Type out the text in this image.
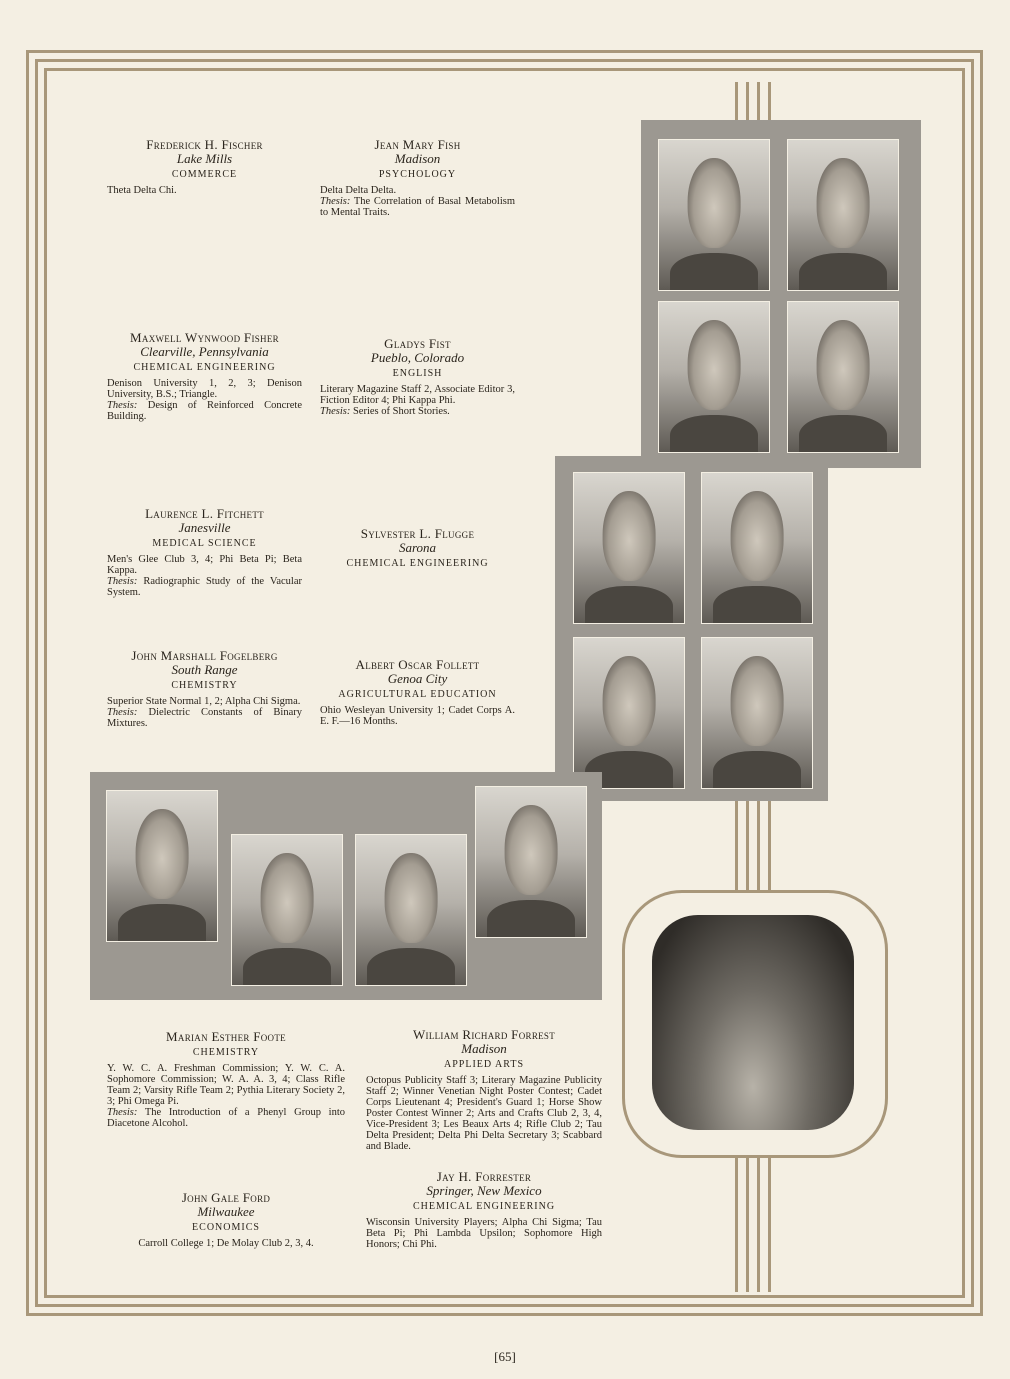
Frederick H. Fischer
Lake Mills
COMMERCE
Theta Delta Chi.
Jean Mary Fish
Madison
PSYCHOLOGY
Delta Delta Delta.
Thesis: The Correlation of Basal Metabolism to Mental Traits.
Maxwell Wynwood Fisher
Clearville, Pennsylvania
CHEMICAL ENGINEERING
Denison University 1, 2, 3; Denison University, B.S.; Triangle.
Thesis: Design of Reinforced Concrete Building.
Gladys Fist
Pueblo, Colorado
ENGLISH
Literary Magazine Staff 2, Associate Editor 3, Fiction Editor 4; Phi Kappa Phi.
Thesis: Series of Short Stories.
Laurence L. Fitchett
Janesville
MEDICAL SCIENCE
Men's Glee Club 3, 4; Phi Beta Pi; Beta Kappa.
Thesis: Radiographic Study of the Vacular System.
Sylvester L. Flugge
Sarona
CHEMICAL ENGINEERING
John Marshall Fogelberg
South Range
CHEMISTRY
Superior State Normal 1, 2; Alpha Chi Sigma.
Thesis: Dielectric Constants of Binary Mixtures.
Albert Oscar Follett
Genoa City
AGRICULTURAL EDUCATION
Ohio Wesleyan University 1; Cadet Corps A. E. F.—16 Months.
Marian Esther Foote
CHEMISTRY
Y. W. C. A. Freshman Commission; Y. W. C. A. Sophomore Commission; W. A. A. 3, 4; Class Rifle Team 2; Varsity Rifle Team 2; Pythia Literary Society 2, 3; Phi Omega Pi.
Thesis: The Introduction of a Phenyl Group into Diacetone Alcohol.
William Richard Forrest
Madison
APPLIED ARTS
Octopus Publicity Staff 3; Literary Magazine Publicity Staff 2; Winner Venetian Night Poster Contest; Cadet Corps Lieutenant 4; President's Guard 1; Horse Show Poster Contest Winner 2; Arts and Crafts Club 2, 3, 4, Vice-President 3; Les Beaux Arts 4; Rifle Club 2; Tau Delta President; Delta Phi Delta Secretary 3; Scabbard and Blade.
John Gale Ford
Milwaukee
ECONOMICS
Carroll College 1; De Molay Club 2, 3, 4.
Jay H. Forrester
Springer, New Mexico
CHEMICAL ENGINEERING
Wisconsin University Players; Alpha Chi Sigma; Tau Beta Pi; Phi Lambda Upsilon; Sophomore High Honors; Chi Phi.
[65]
